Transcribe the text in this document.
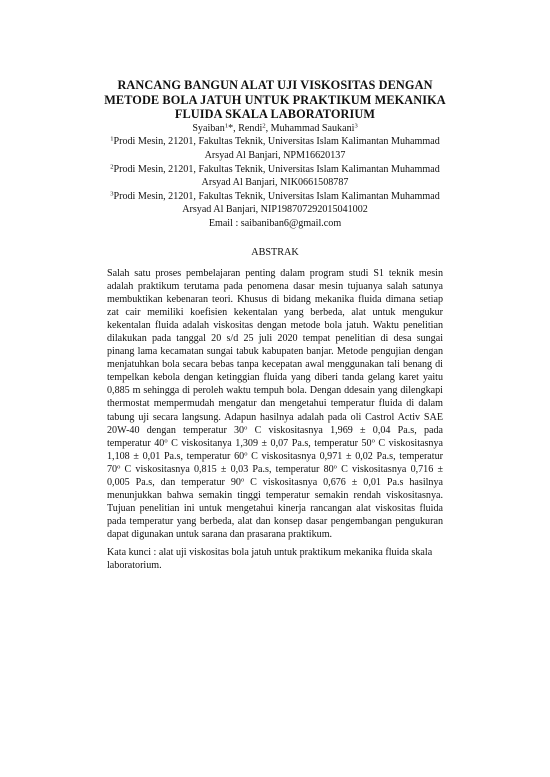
RANCANG BANGUN ALAT UJI VISKOSITAS DENGAN
METODE BOLA JATUH UNTUK PRAKTIKUM MEKANIKA
FLUIDA SKALA LABORATORIUM
Syaiban$^1$*, Rendi$^2$, Muhammad Saukani$^3$
$^1$Prodi Mesin, 21201, Fakultas Teknik, Universitas Islam Kalimantan Muhammad
Arsyad Al Banjari, NPM16620137
$^2$Prodi Mesin, 21201, Fakultas Teknik, Universitas Islam Kalimantan Muhammad
Arsyad Al Banjari, NIK0661508787
$^3$Prodi Mesin, 21201, Fakultas Teknik, Universitas Islam Kalimantan Muhammad
Arsyad Al Banjari, NIP198707292015041002
Email : saibaniban6@gmail.com
ABSTRAK
Salah satu proses pembelajaran penting dalam program studi S1 teknik mesin
adalah praktikum terutama pada penomena dasar mesin tujuanya salah satunya
membuktikan kebenaran teori. Khusus di bidang mekanika fluida dimana setiap
zat cair memiliki koefisien kekentalan yang berbeda, alat untuk mengukur
kekentalan fluida adalah viskositas dengan metode bola jatuh. Waktu penelitian
dilakukan pada tanggal 20 s/d 25 juli 2020 tempat penelitian di desa sungai
pinang lama kecamatan sungai tabuk kabupaten banjar. Metode pengujian dengan
menjatuhkan bola secara bebas tanpa kecepatan awal menggunakan tali benang di
tempelkan kebola dengan ketinggian fluida yang diberi tanda gelang karet yaitu
0,885 m sehingga di peroleh waktu tempuh bola. Dengan ddesain yang dilengkapi
thermostat mempermudah mengatur dan mengetahui temperatur fluida di dalam
tabung uji secara langsung. Adapun hasilnya adalah pada oli Castrol Activ SAE
20W-40 dengan temperatur 30$^o$ C viskositasnya 1,969 ± 0,04 Pa.s, pada
temperatur 40$^o$ C viskositanya 1,309 ± 0,07 Pa.s, temperatur 50$^o$ C viskositasnya
1,108 ± 0,01 Pa.s, temperatur 60$^o$ C viskositasnya 0,971 ± 0,02 Pa.s, temperatur
70$^o$ C viskositasnya 0,815 ± 0,03 Pa.s, temperatur 80$^o$ C viskositasnya 0,716 ±
0,005 Pa.s, dan temperatur 90$^o$ C viskositasnya 0,676 ± 0,01 Pa.s hasilnya
menunjukkan bahwa semakin tinggi temperatur semakin rendah viskositasnya.
Tujuan penelitian ini untuk mengetahui kinerja rancangan alat viskositas fluida
pada temperatur yang berbeda, alat dan konsep dasar pengembangan pengukuran
dapat digunakan untuk sarana dan prasarana praktikum.
Kata kunci : alat uji viskositas bola jatuh untuk praktikum mekanika fluida skala
laboratorium.
